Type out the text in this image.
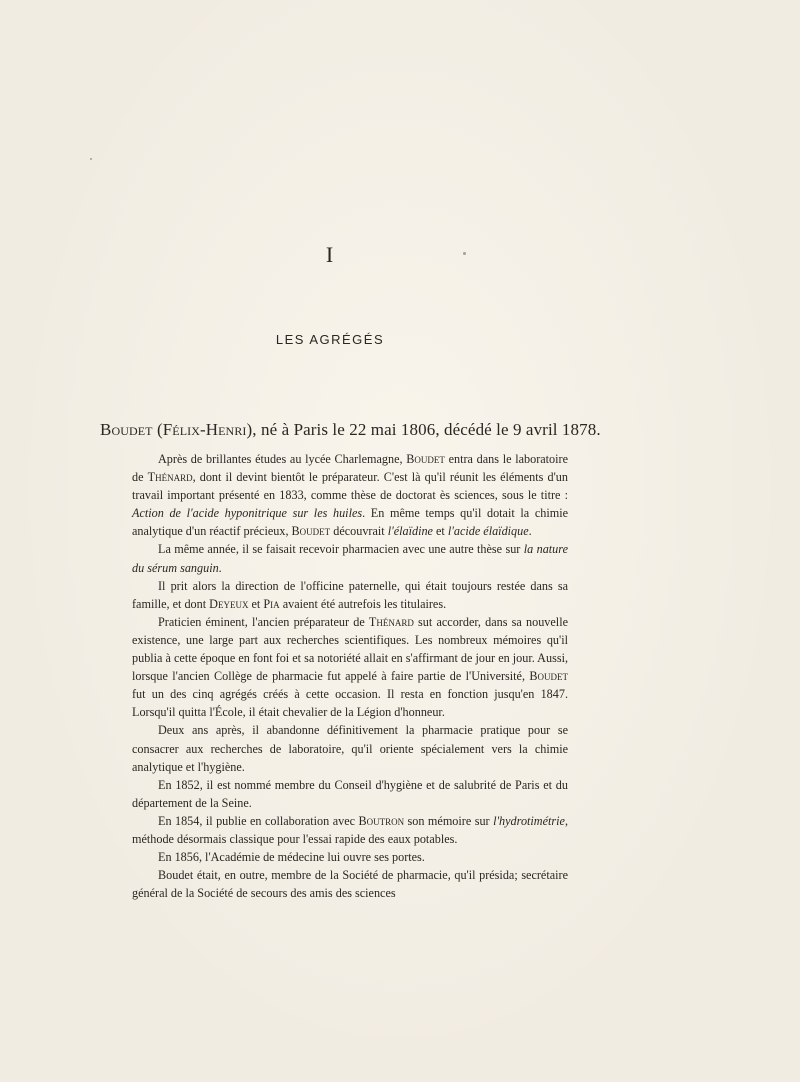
I
LES AGRÉGÉS
Boudet (Félix-Henri), né à Paris le 22 mai 1806, décédé le 9 avril 1878.

Après de brillantes études au lycée Charlemagne, Boudet entra dans le laboratoire de Thénard, dont il devint bientôt le préparateur. C'est là qu'il réunit les éléments d'un travail important présenté en 1833, comme thèse de doctorat ès sciences, sous le titre : Action de l'acide hyponitrique sur les huiles. En même temps qu'il dotait la chimie analytique d'un réactif précieux, Boudet découvrait l'élaïdine et l'acide élaïdique.

La même année, il se faisait recevoir pharmacien avec une autre thèse sur la nature du sérum sanguin.

Il prit alors la direction de l'officine paternelle, qui était toujours restée dans sa famille, et dont Deyeux et Pia avaient été autrefois les titulaires.

Praticien éminent, l'ancien préparateur de Thénard sut accorder, dans sa nouvelle existence, une large part aux recherches scientifiques. Les nombreux mémoires qu'il publia à cette époque en font foi et sa notoriété allait en s'affirmant de jour en jour. Aussi, lorsque l'ancien Collège de pharmacie fut appelé à faire partie de l'Université, Boudet fut un des cinq agrégés créés à cette occasion. Il resta en fonction jusqu'en 1847. Lorsqu'il quitta l'École, il était chevalier de la Légion d'honneur.

Deux ans après, il abandonne définitivement la pharmacie pratique pour se consacrer aux recherches de laboratoire, qu'il oriente spécialement vers la chimie analytique et l'hygiène.

En 1852, il est nommé membre du Conseil d'hygiène et de salubrité de Paris et du département de la Seine.

En 1854, il publie en collaboration avec Boutron son mémoire sur l'hydrotimétrie, méthode désormais classique pour l'essai rapide des eaux potables.

En 1856, l'Académie de médecine lui ouvre ses portes.

Boudet était, en outre, membre de la Société de pharmacie, qu'il présida; secrétaire général de la Société de secours des amis des sciences
